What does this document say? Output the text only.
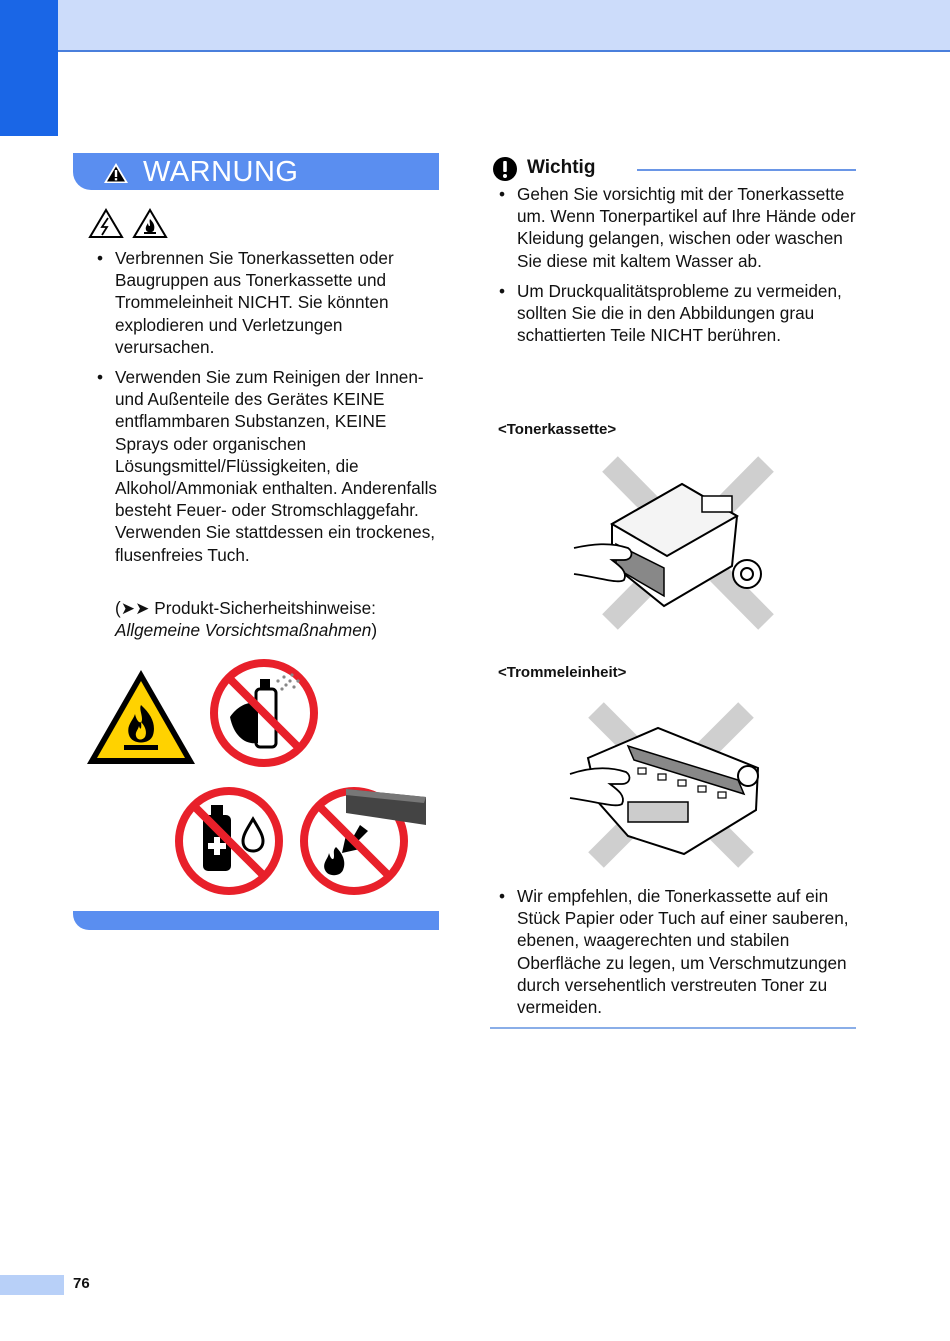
WARNUNG

• Verbrennen Sie Tonerkassetten oder Baugruppen aus Tonerkassette und Trommeleinheit NICHT. Sie könnten explodieren und Verletzungen verursachen.
• Verwenden Sie zum Reinigen der Innen- und Außenteile des Gerätes KEINE entflammbaren Substanzen, KEINE Sprays oder organischen Lösungsmittel/Flüssigkeiten, die Alkohol/Ammoniak enthalten. Anderenfalls besteht Feuer- oder Stromschlaggefahr. Verwenden Sie stattdessen ein trockenes, flusenfreies Tuch.
(➤➤ Produkt-Sicherheitshinweise:
Allgemeine Vorsichtsmaßnahmen)
Wichtig
• Gehen Sie vorsichtig mit der Tonerkassette um. Wenn Tonerpartikel auf Ihre Hände oder Kleidung gelangen, wischen oder waschen Sie diese mit kaltem Wasser ab.
• Um Druckqualitätsprobleme zu vermeiden, sollten Sie die in den Abbildungen grau schattierten Teile NICHT berühren.
<Tonerkassette>
<Trommeleinheit>
• Wir empfehlen, die Tonerkassette auf ein Stück Papier oder Tuch auf einer sauberen, ebenen, waagerechten und stabilen Oberfläche zu legen, um Verschmutzungen durch versehentlich verstreuten Toner zu vermeiden.
76
